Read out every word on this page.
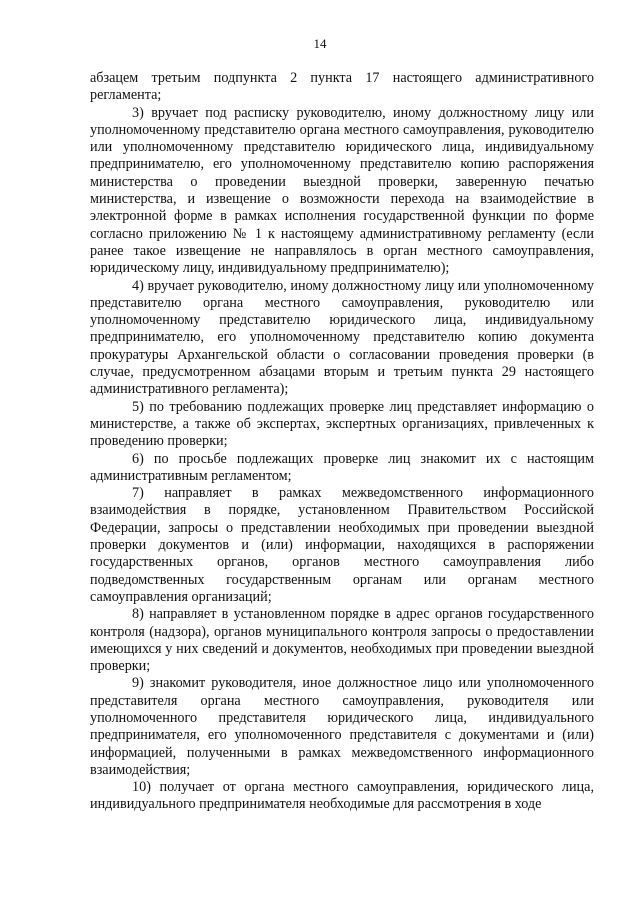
14

абзацем третьим подпункта 2 пункта 17 настоящего административного регламента;

3) вручает под расписку руководителю, иному должностному лицу или уполномоченному представителю органа местного самоуправления, руководителю или уполномоченному представителю юридического лица, индивидуальному предпринимателю, его уполномоченному представителю копию распоряжения министерства о проведении выездной проверки, заверенную печатью министерства, и извещение о возможности перехода на взаимодействие в электронной форме в рамках исполнения государственной функции по форме согласно приложению № 1 к настоящему административному регламенту (если ранее такое извещение не направлялось в орган местного самоуправления, юридическому лицу, индивидуальному предпринимателю);

4) вручает руководителю, иному должностному лицу или уполномоченному представителю органа местного самоуправления, руководителю или уполномоченному представителю юридического лица, индивидуальному предпринимателю, его уполномоченному представителю копию документа прокуратуры Архангельской области о согласовании проведения проверки (в случае, предусмотренном абзацами вторым и третьим пункта 29 настоящего административного регламента);

5) по требованию подлежащих проверке лиц представляет информацию о министерстве, а также об экспертах, экспертных организациях, привлеченных к проведению проверки;

6) по просьбе подлежащих проверке лиц знакомит их с настоящим административным регламентом;

7) направляет в рамках межведомственного информационного взаимодействия в порядке, установленном Правительством Российской Федерации, запросы о представлении необходимых при проведении выездной проверки документов и (или) информации, находящихся в распоряжении государственных органов, органов местного самоуправления либо подведомственных государственным органам или органам местного самоуправления организаций;

8) направляет в установленном порядке в адрес органов государственного контроля (надзора), органов муниципального контроля запросы о предоставлении имеющихся у них сведений и документов, необходимых при проведении выездной проверки;

9) знакомит руководителя, иное должностное лицо или уполномоченного представителя органа местного самоуправления, руководителя или уполномоченного представителя юридического лица, индивидуального предпринимателя, его уполномоченного представителя с документами и (или) информацией, полученными в рамках межведомственного информационного взаимодействия;

10) получает от органа местного самоуправления, юридического лица, индивидуального предпринимателя необходимые для рассмотрения в ходе
